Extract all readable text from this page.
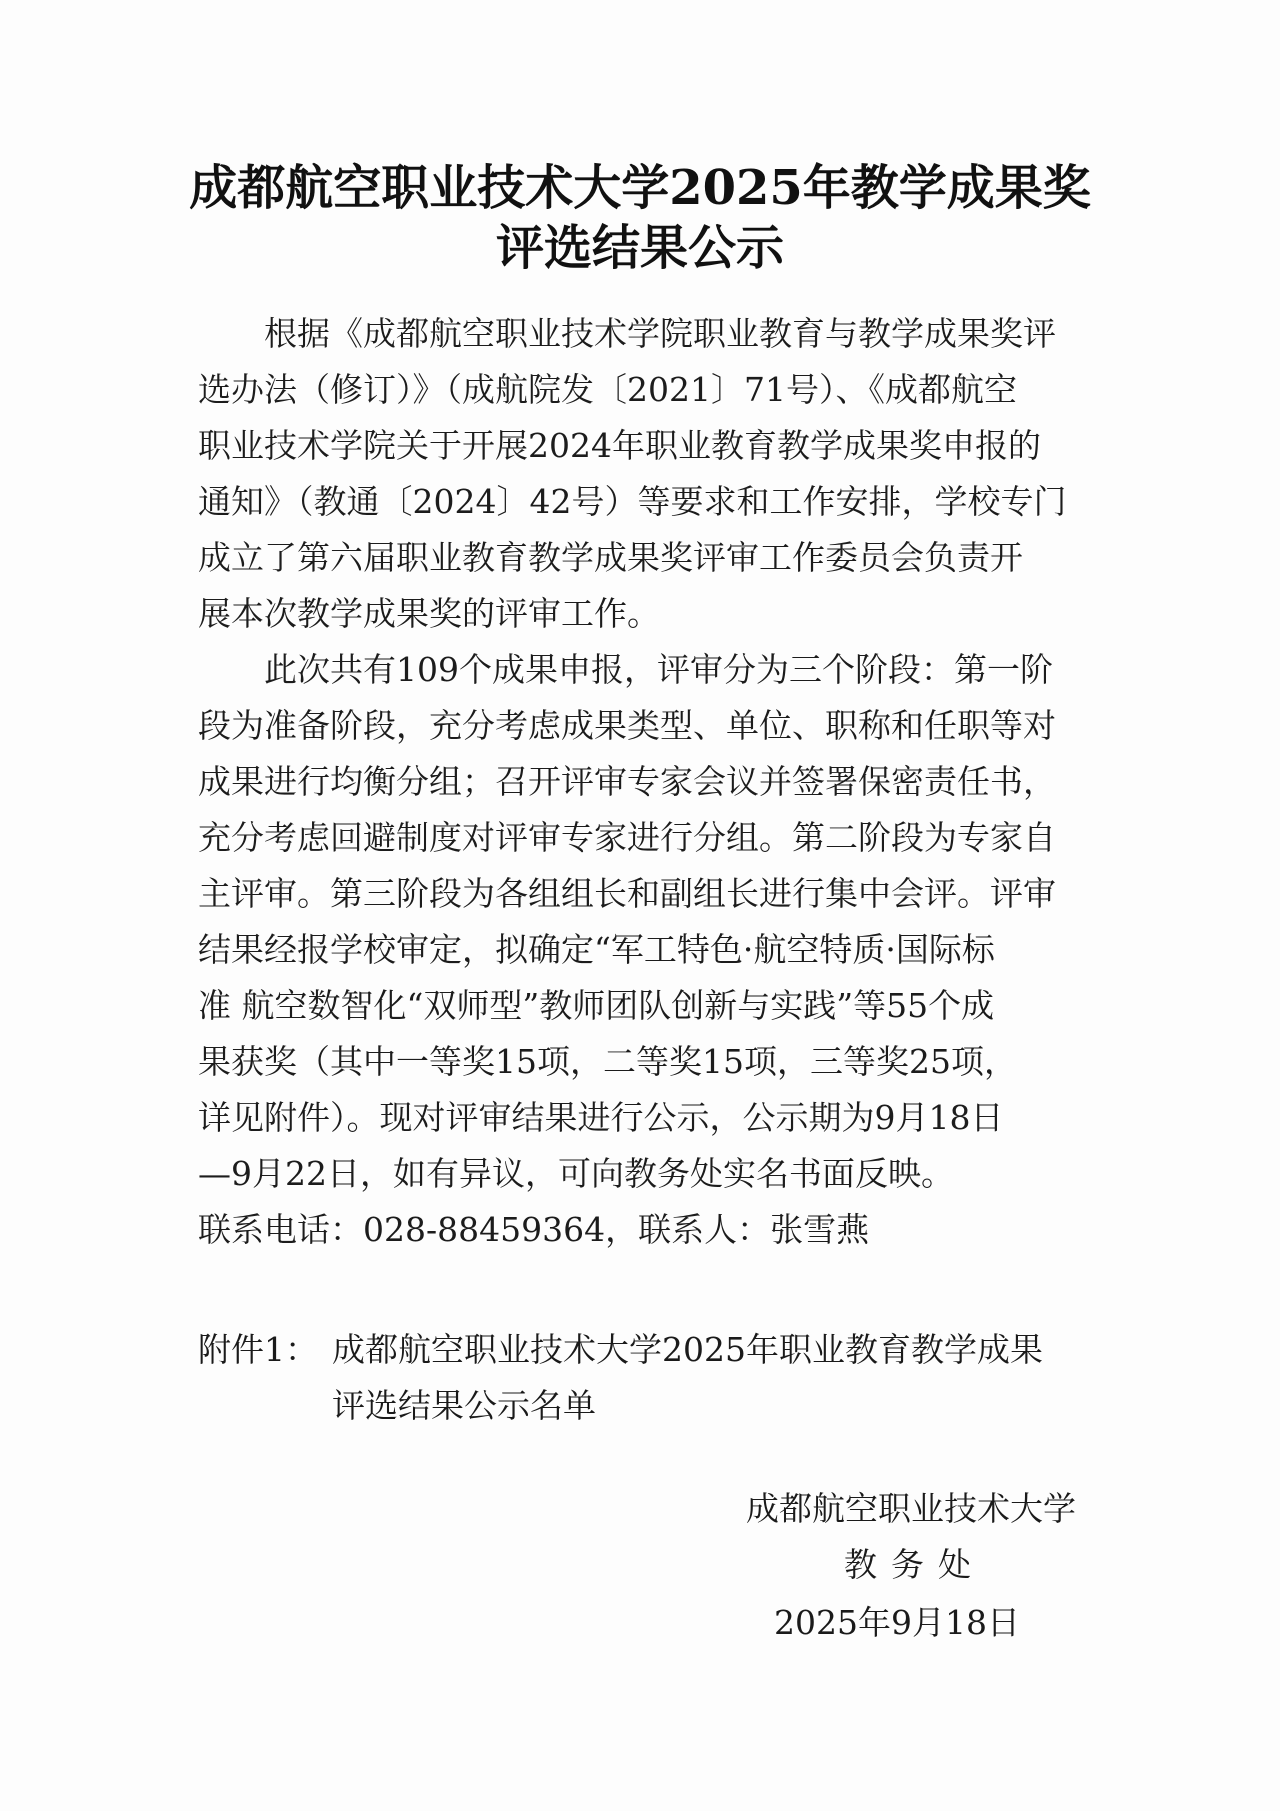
成都航空职业技术大学2025年教学成果奖
评选结果公示
根据《成都航空职业技术学院职业教育与教学成果奖评
选办法（修订）》（成航院发〔2021〕71号）、《成都航空
职业技术学院关于开展2024年职业教育教学成果奖申报的
通知》（教通〔2024〕42号）等要求和工作安排，学校专门
成立了第六届职业教育教学成果奖评审工作委员会负责开
展本次教学成果奖的评审工作。
此次共有109个成果申报，评审分为三个阶段：第一阶
段为准备阶段，充分考虑成果类型、单位、职称和任职等对
成果进行均衡分组；召开评审专家会议并签署保密责任书，
充分考虑回避制度对评审专家进行分组。第二阶段为专家自
主评审。第三阶段为各组组长和副组长进行集中会评。评审
结果经报学校审定，拟确定“军工特色·航空特质·国际标
准 航空数智化“双师型”教师团队创新与实践”等55个成
果获奖（其中一等奖15项，二等奖15项，三等奖25项，
详见附件）。现对评审结果进行公示，公示期为9月18日
—9月22日，如有异议，可向教务处实名书面反映。
联系电话：028-88459364，联系人：张雪燕
附件1： 成都航空职业技术大学2025年职业教育教学成果
评选结果公示名单
成都航空职业技术大学
教务处
2025年9月18日
